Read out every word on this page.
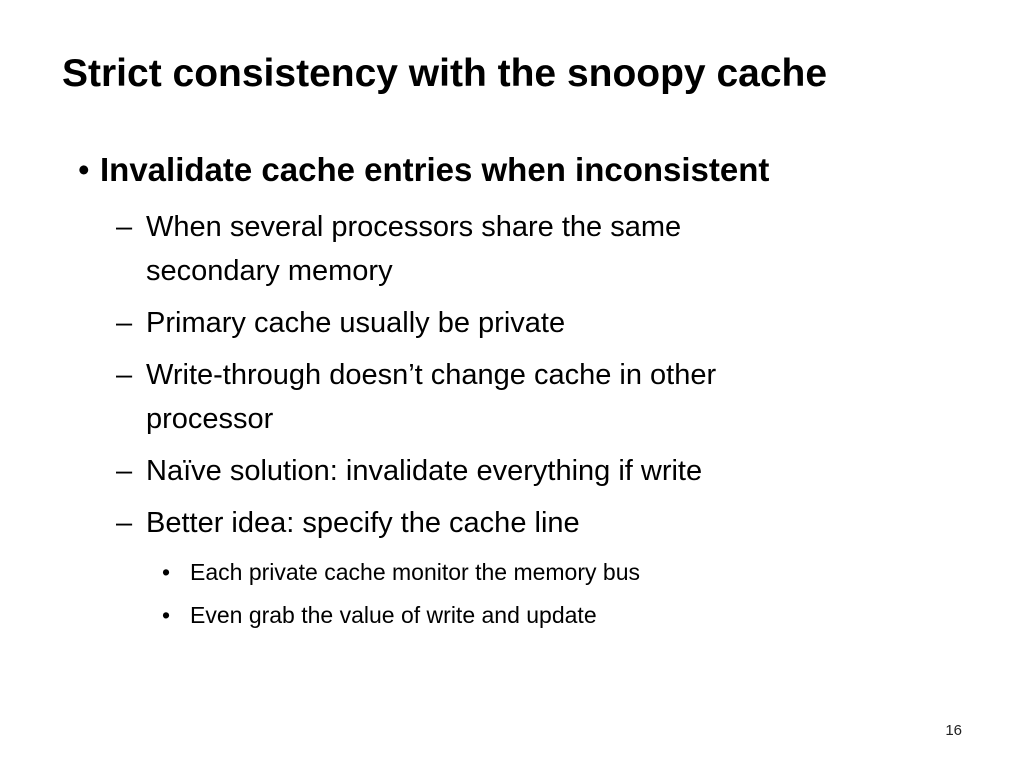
Strict consistency with the snoopy cache
• Invalidate cache entries when inconsistent
– When several processors share the same
secondary memory
– Primary cache usually be private
– Write-through doesn’t change cache in other
processor
– Naïve solution: invalidate everything if write
– Better idea: specify the cache line
• Each private cache monitor the memory bus
• Even grab the value of write and update
16
